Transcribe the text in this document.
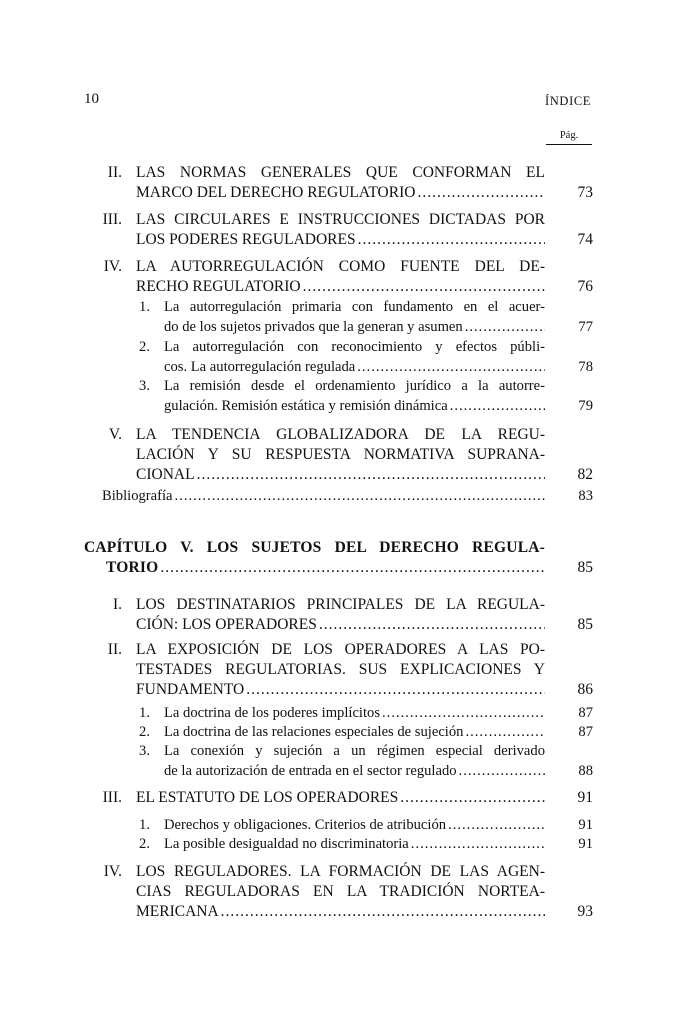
10	ÍNDICE
Pág.
II. LAS NORMAS GENERALES QUE CONFORMAN EL
MARCO DEL DERECHO REGULATORIO .....	73
III. LAS CIRCULARES E INSTRUCCIONES DICTADAS POR
LOS PODERES REGULADORES .....	74
IV. LA AUTORREGULACIÓN COMO FUENTE DEL DE-
RECHO REGULATORIO .....	76
1. La autorregulación primaria con fundamento en el acuer-
do de los sujetos privados que la generan y asumen .....	77
2. La autorregulación con reconocimiento y efectos públi-
cos. La autorregulación regulada .....	78
3. La remisión desde el ordenamiento jurídico a la autorre-
gulación. Remisión estática y remisión dinámica .....	79
V. LA TENDENCIA GLOBALIZADORA DE LA REGU-
LACIÓN Y SU RESPUESTA NORMATIVA SUPRANA-
CIONAL .....	82
Bibliografía .....	83
CAPÍTULO V. LOS SUJETOS DEL DERECHO REGULA-
TORIO .....	85
I. LOS DESTINATARIOS PRINCIPALES DE LA REGULA-
CIÓN: LOS OPERADORES .....	85
II. LA EXPOSICIÓN DE LOS OPERADORES A LAS PO-
TESTADES REGULATORIAS. SUS EXPLICACIONES Y
FUNDAMENTO .....	86
1. La doctrina de los poderes implícitos .....	87
2. La doctrina de las relaciones especiales de sujeción .....	87
3. La conexión y sujeción a un régimen especial derivado
de la autorización de entrada en el sector regulado .....	88
III. EL ESTATUTO DE LOS OPERADORES .....	91
1. Derechos y obligaciones. Criterios de atribución .....	91
2. La posible desigualdad no discriminatoria .....	91
IV. LOS REGULADORES. LA FORMACIÓN DE LAS AGEN-
CIAS REGULADORAS EN LA TRADICIÓN NORTEA-
MERICANA .....	93
